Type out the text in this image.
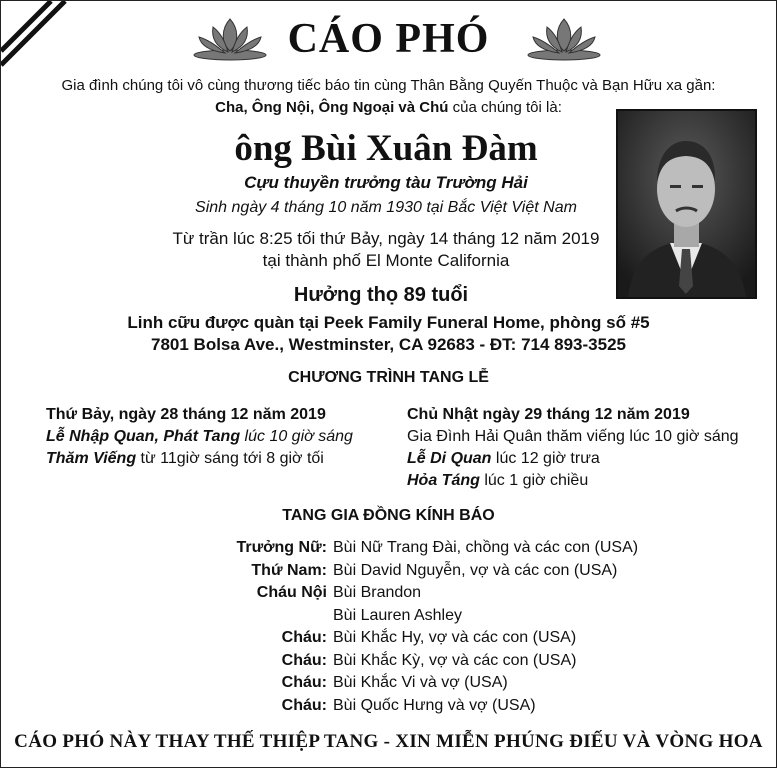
CÁO PHÓ
Gia đình chúng tôi vô cùng thương tiếc báo tin cùng Thân Bằng Quyến Thuộc và Bạn Hữu xa gần:
Cha, Ông Nội, Ông Ngoại và Chú của chúng tôi là:
ông Bùi Xuân Đàm
Cựu thuyền trưởng tàu Trường Hải
Sinh ngày 4 tháng 10 năm 1930 tại Bắc Việt Việt Nam
Từ trần lúc 8:25 tối thứ Bảy, ngày 14 tháng 12 năm 2019
tại thành phố El Monte California
Hưởng thọ 89 tuổi
Linh cữu được quàn tại Peek Family Funeral Home, phòng số #5
7801 Bolsa Ave., Westminster, CA 92683 - ĐT: 714 893-3525
CHƯƠNG TRÌNH TANG LỄ
Thứ Bảy, ngày 28 tháng 12 năm 2019
Lễ Nhập Quan, Phát Tang lúc 10 giờ sáng
Thăm Viếng từ 11giờ sáng tới 8 giờ tối
Chủ Nhật ngày 29 tháng 12 năm 2019
Gia Đình Hải Quân thăm viếng lúc 10 giờ sáng
Lễ Di Quan lúc 12 giờ trưa
Hỏa Táng lúc 1 giờ chiều
TANG GIA ĐỒNG KÍNH BÁO
Trưởng Nữ: Bùi Nữ Trang Đài, chồng và các con (USA)
Thứ Nam: Bùi David Nguyễn, vợ và các con (USA)
Cháu Nội Bùi Brandon
Bùi Lauren Ashley
Cháu: Bùi Khắc Hy, vợ và các con (USA)
Cháu: Bùi Khắc Kỳ, vợ và các con (USA)
Cháu: Bùi Khắc Vi và vợ (USA)
Cháu: Bùi Quốc Hưng và vợ (USA)
CÁO PHÓ NÀY THAY THẾ THIỆP TANG - XIN MIỄN PHÚNG ĐIẾU VÀ VÒNG HOA
